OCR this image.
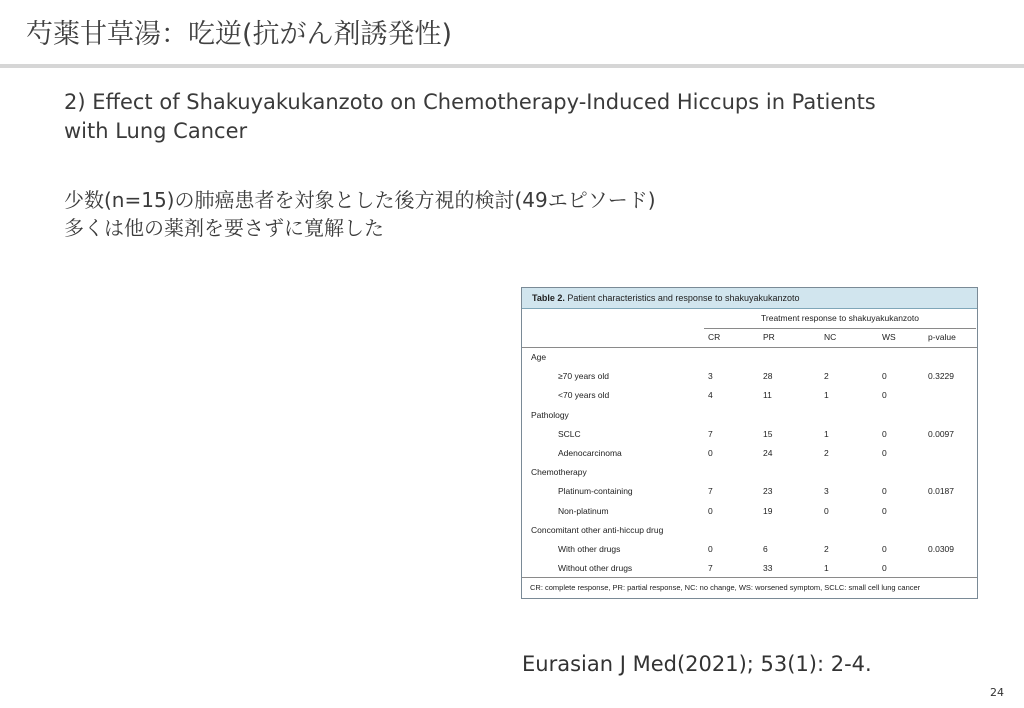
芍薬甘草湯：吃逆(抗がん剤誘発性)
2) Effect of Shakuyakukanzoto on Chemotherapy-Induced Hiccups in Patients with Lung Cancer
少数(n=15)の肺癌患者を対象とした後方視的検討(49エピソード)
多くは他の薬剤を要さずに寛解した
Table 2. Patient characteristics and response to shakuyakukanzoto
Treatment response to shakuyakukanzoto
CR	PR	NC	WS	p-value
Age
≥70 years old	3	28	2	0	0.3229
<70 years old	4	11	1	0
Pathology
SCLC	7	15	1	0	0.0097
Adenocarcinoma	0	24	2	0
Chemotherapy
Platinum-containing	7	23	3	0	0.0187
Non-platinum	0	19	0	0
Concomitant other anti-hiccup drug
With other drugs	0	6	2	0	0.0309
Without other drugs	7	33	1	0
CR: complete response, PR: partial response, NC: no change, WS: worsened symptom, SCLC: small cell lung cancer
Eurasian J Med(2021); 53(1): 2-4.
24
